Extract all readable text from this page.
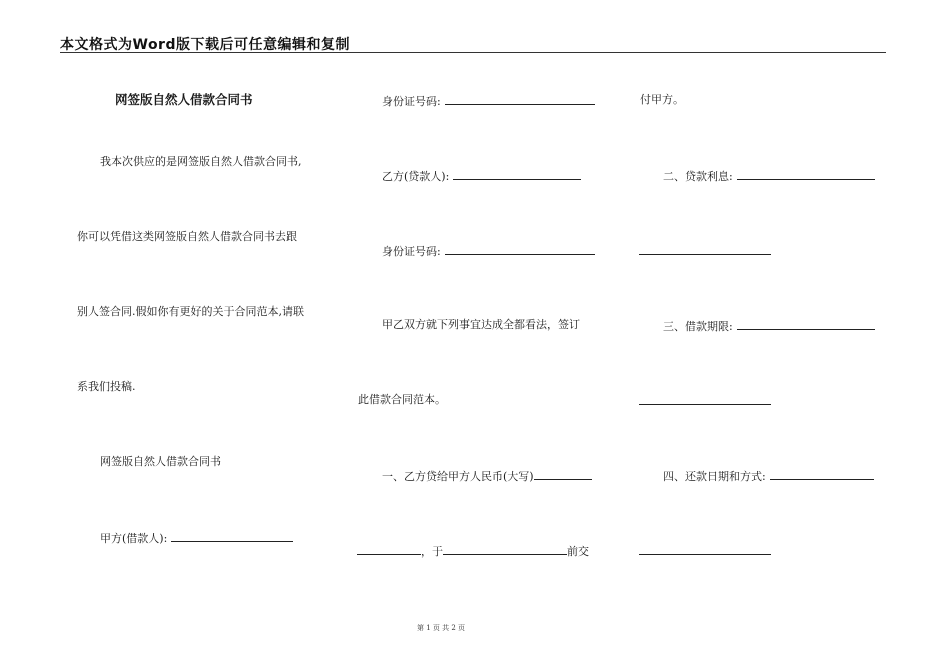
本文格式为Word版下载后可任意编辑和复制
网签版自然人借款合同书
我本次供应的是网签版自然人借款合同书,
你可以凭借这类网签版自然人借款合同书去跟
别人签合同.假如你有更好的关于合同范本,请联
系我们投稿.
网签版自然人借款合同书
甲方(借款人):
身份证号码:
乙方(贷款人):
身份证号码:
甲乙双方就下列事宜达成全都看法，签订
此借款合同范本。
一、乙方贷给甲方人民币(大写)
，于	前交
付甲方。
二、贷款利息:
三、借款期限:
四、还款日期和方式:
第 1 页 共 2 页
